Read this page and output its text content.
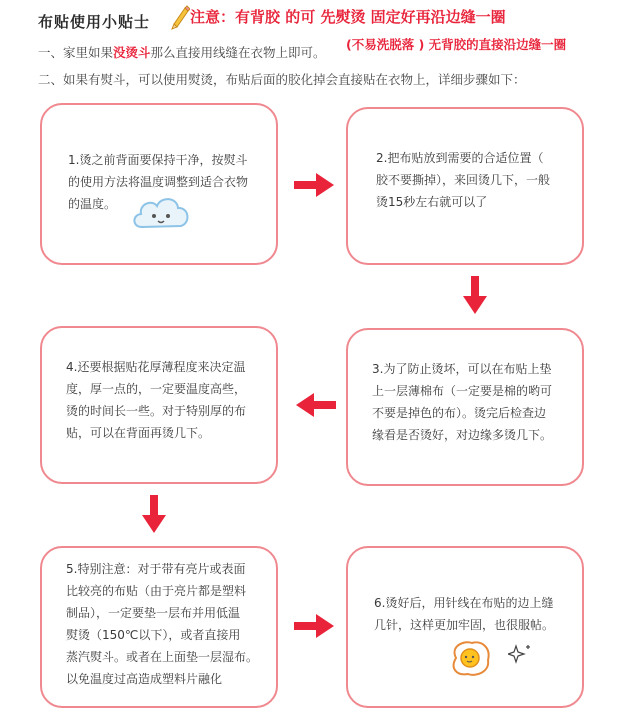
布贴使用小贴士	注意：有背胶 的可 先熨烫 固定好再沿边缝一圈
(不易洗脱落 ) 无背胶的直接沿边缝一圈
一、家里如果没烫斗那么直接用线缝在衣物上即可。
二、如果有熨斗，可以使用熨烫，布贴后面的胶化掉会直接贴在衣物上，详细步骤如下：
1.烫之前背面要保持干净，按熨斗
的使用方法将温度调整到适合衣物
的温度。
2.把布贴放到需要的合适位置（
胶不要撕掉），来回烫几下，一般
烫15秒左右就可以了
4.还要根据贴花厚薄程度来决定温
度，厚一点的，一定要温度高些，
烫的时间长一些。对于特别厚的布
贴，可以在背面再烫几下。
3.为了防止烫坏，可以在布贴上垫
上一层薄棉布（一定要是棉的哟可
不要是掉色的布）。烫完后检查边
缘看是否烫好，对边缘多烫几下。
5.特别注意：对于带有亮片或表面
比较亮的布贴（由于亮片都是塑料
制品），一定要垫一层布并用低温
熨烫（150℃以下），或者直接用
蒸汽熨斗。或者在上面垫一层湿布。
以免温度过高造成塑料片融化
6.烫好后，用针线在布贴的边上缝
几针，这样更加牢固，也很服帖。
